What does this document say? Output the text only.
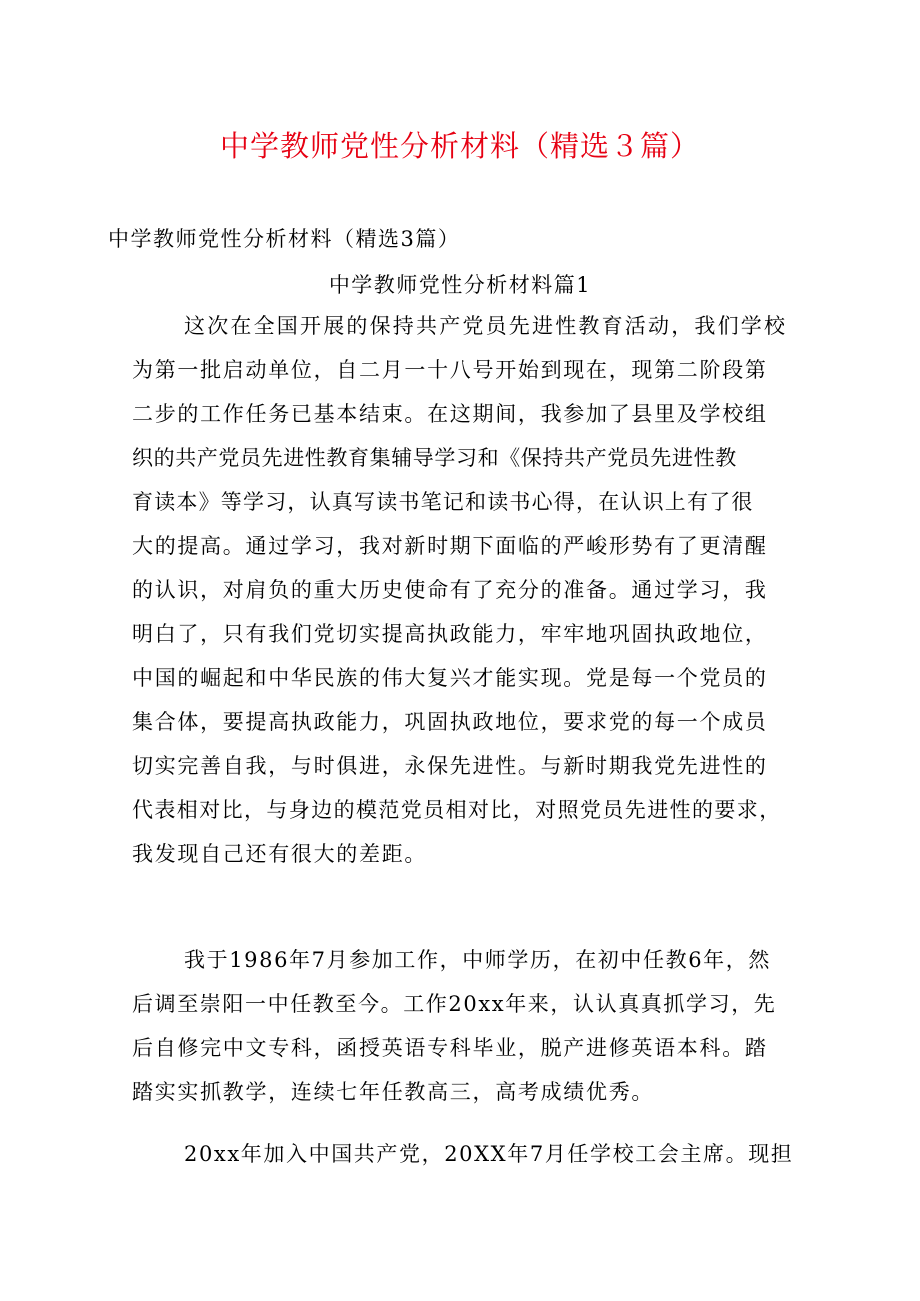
中学教师党性分析材料（精选３篇）
中学教师党性分析材料（精选3篇）
中学教师党性分析材料篇1
这次在全国开展的保持共产党员先进性教育活动，我们学校
为第一批启动单位，自二月一十八号开始到现在，现第二阶段第
二步的工作任务已基本结束。在这期间，我参加了县里及学校组
织的共产党员先进性教育集辅导学习和《保持共产党员先进性教
育读本》等学习，认真写读书笔记和读书心得，在认识上有了很
大的提高。通过学习，我对新时期下面临的严峻形势有了更清醒
的认识，对肩负的重大历史使命有了充分的准备。通过学习，我
明白了，只有我们党切实提高执政能力，牢牢地巩固执政地位，
中国的崛起和中华民族的伟大复兴才能实现。党是每一个党员的
集合体，要提高执政能力，巩固执政地位，要求党的每一个成员
切实完善自我，与时俱进，永保先进性。与新时期我党先进性的
代表相对比，与身边的模范党员相对比，对照党员先进性的要求，
我发现自己还有很大的差距。
我于1986年7月参加工作，中师学历，在初中任教6年，然
后调至崇阳一中任教至今。工作20xx年来，认认真真抓学习，先
后自修完中文专科，函授英语专科毕业，脱产进修英语本科。踏
踏实实抓教学，连续七年任教高三，高考成绩优秀。
20xx年加入中国共产党，20XX年7月任学校工会主席。现担
